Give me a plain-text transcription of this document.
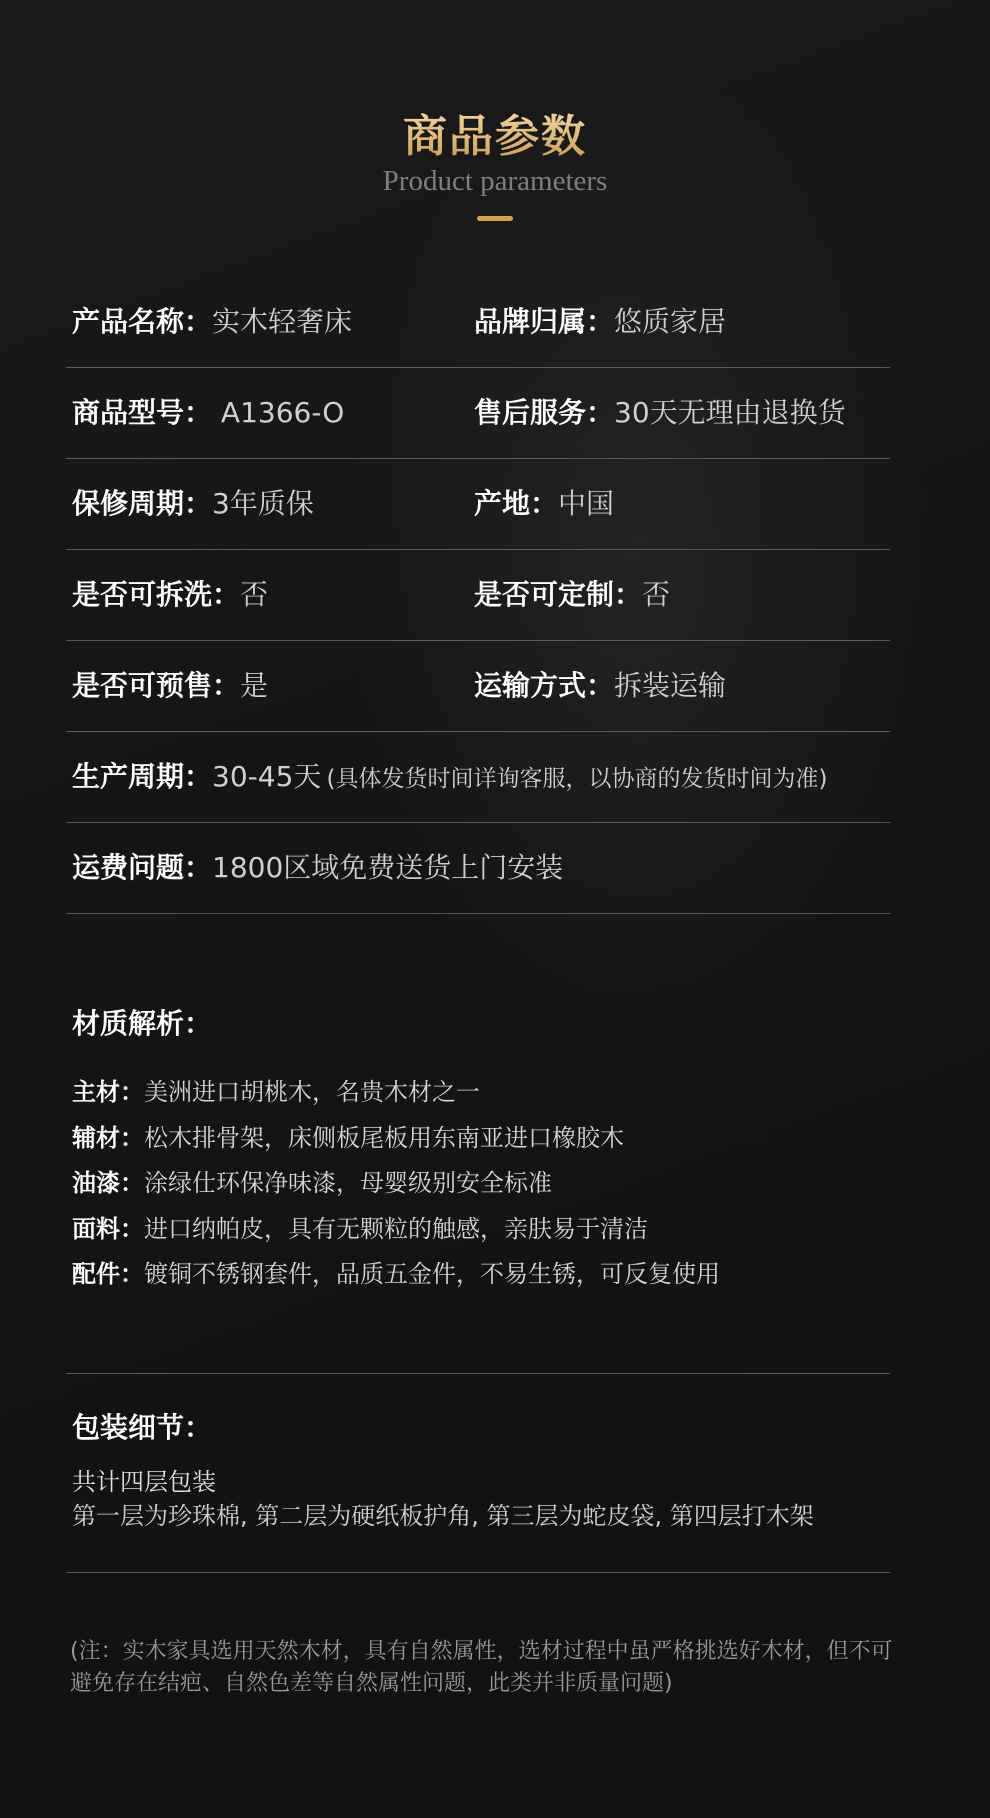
商品参数
Product parameters
产品名称：实木轻奢床	品牌归属：悠质家居
商品型号： A1366-O	售后服务：30天无理由退换货
保修周期：3年质保	产地：中国
是否可拆洗：否	是否可定制：否
是否可预售：是	运输方式：拆装运输
生产周期：30-45天 (具体发货时间详询客服，以协商的发货时间为准)
运费问题：1800区域免费送货上门安装
材质解析：
主材：美洲进口胡桃木，名贵木材之一
辅材：松木排骨架，床侧板尾板用东南亚进口橡胶木
油漆：涂绿仕环保净味漆，母婴级别安全标准
面料：进口纳帕皮，具有无颗粒的触感，亲肤易于清洁
配件：镀铜不锈钢套件，品质五金件，不易生锈，可反复使用
包装细节：
共计四层包装
第一层为珍珠棉, 第二层为硬纸板护角, 第三层为蛇皮袋, 第四层打木架
(注：实木家具选用天然木材，具有自然属性，选材过程中虽严格挑选好木材，但不可避免存在结疤、自然色差等自然属性问题，此类并非质量问题)
